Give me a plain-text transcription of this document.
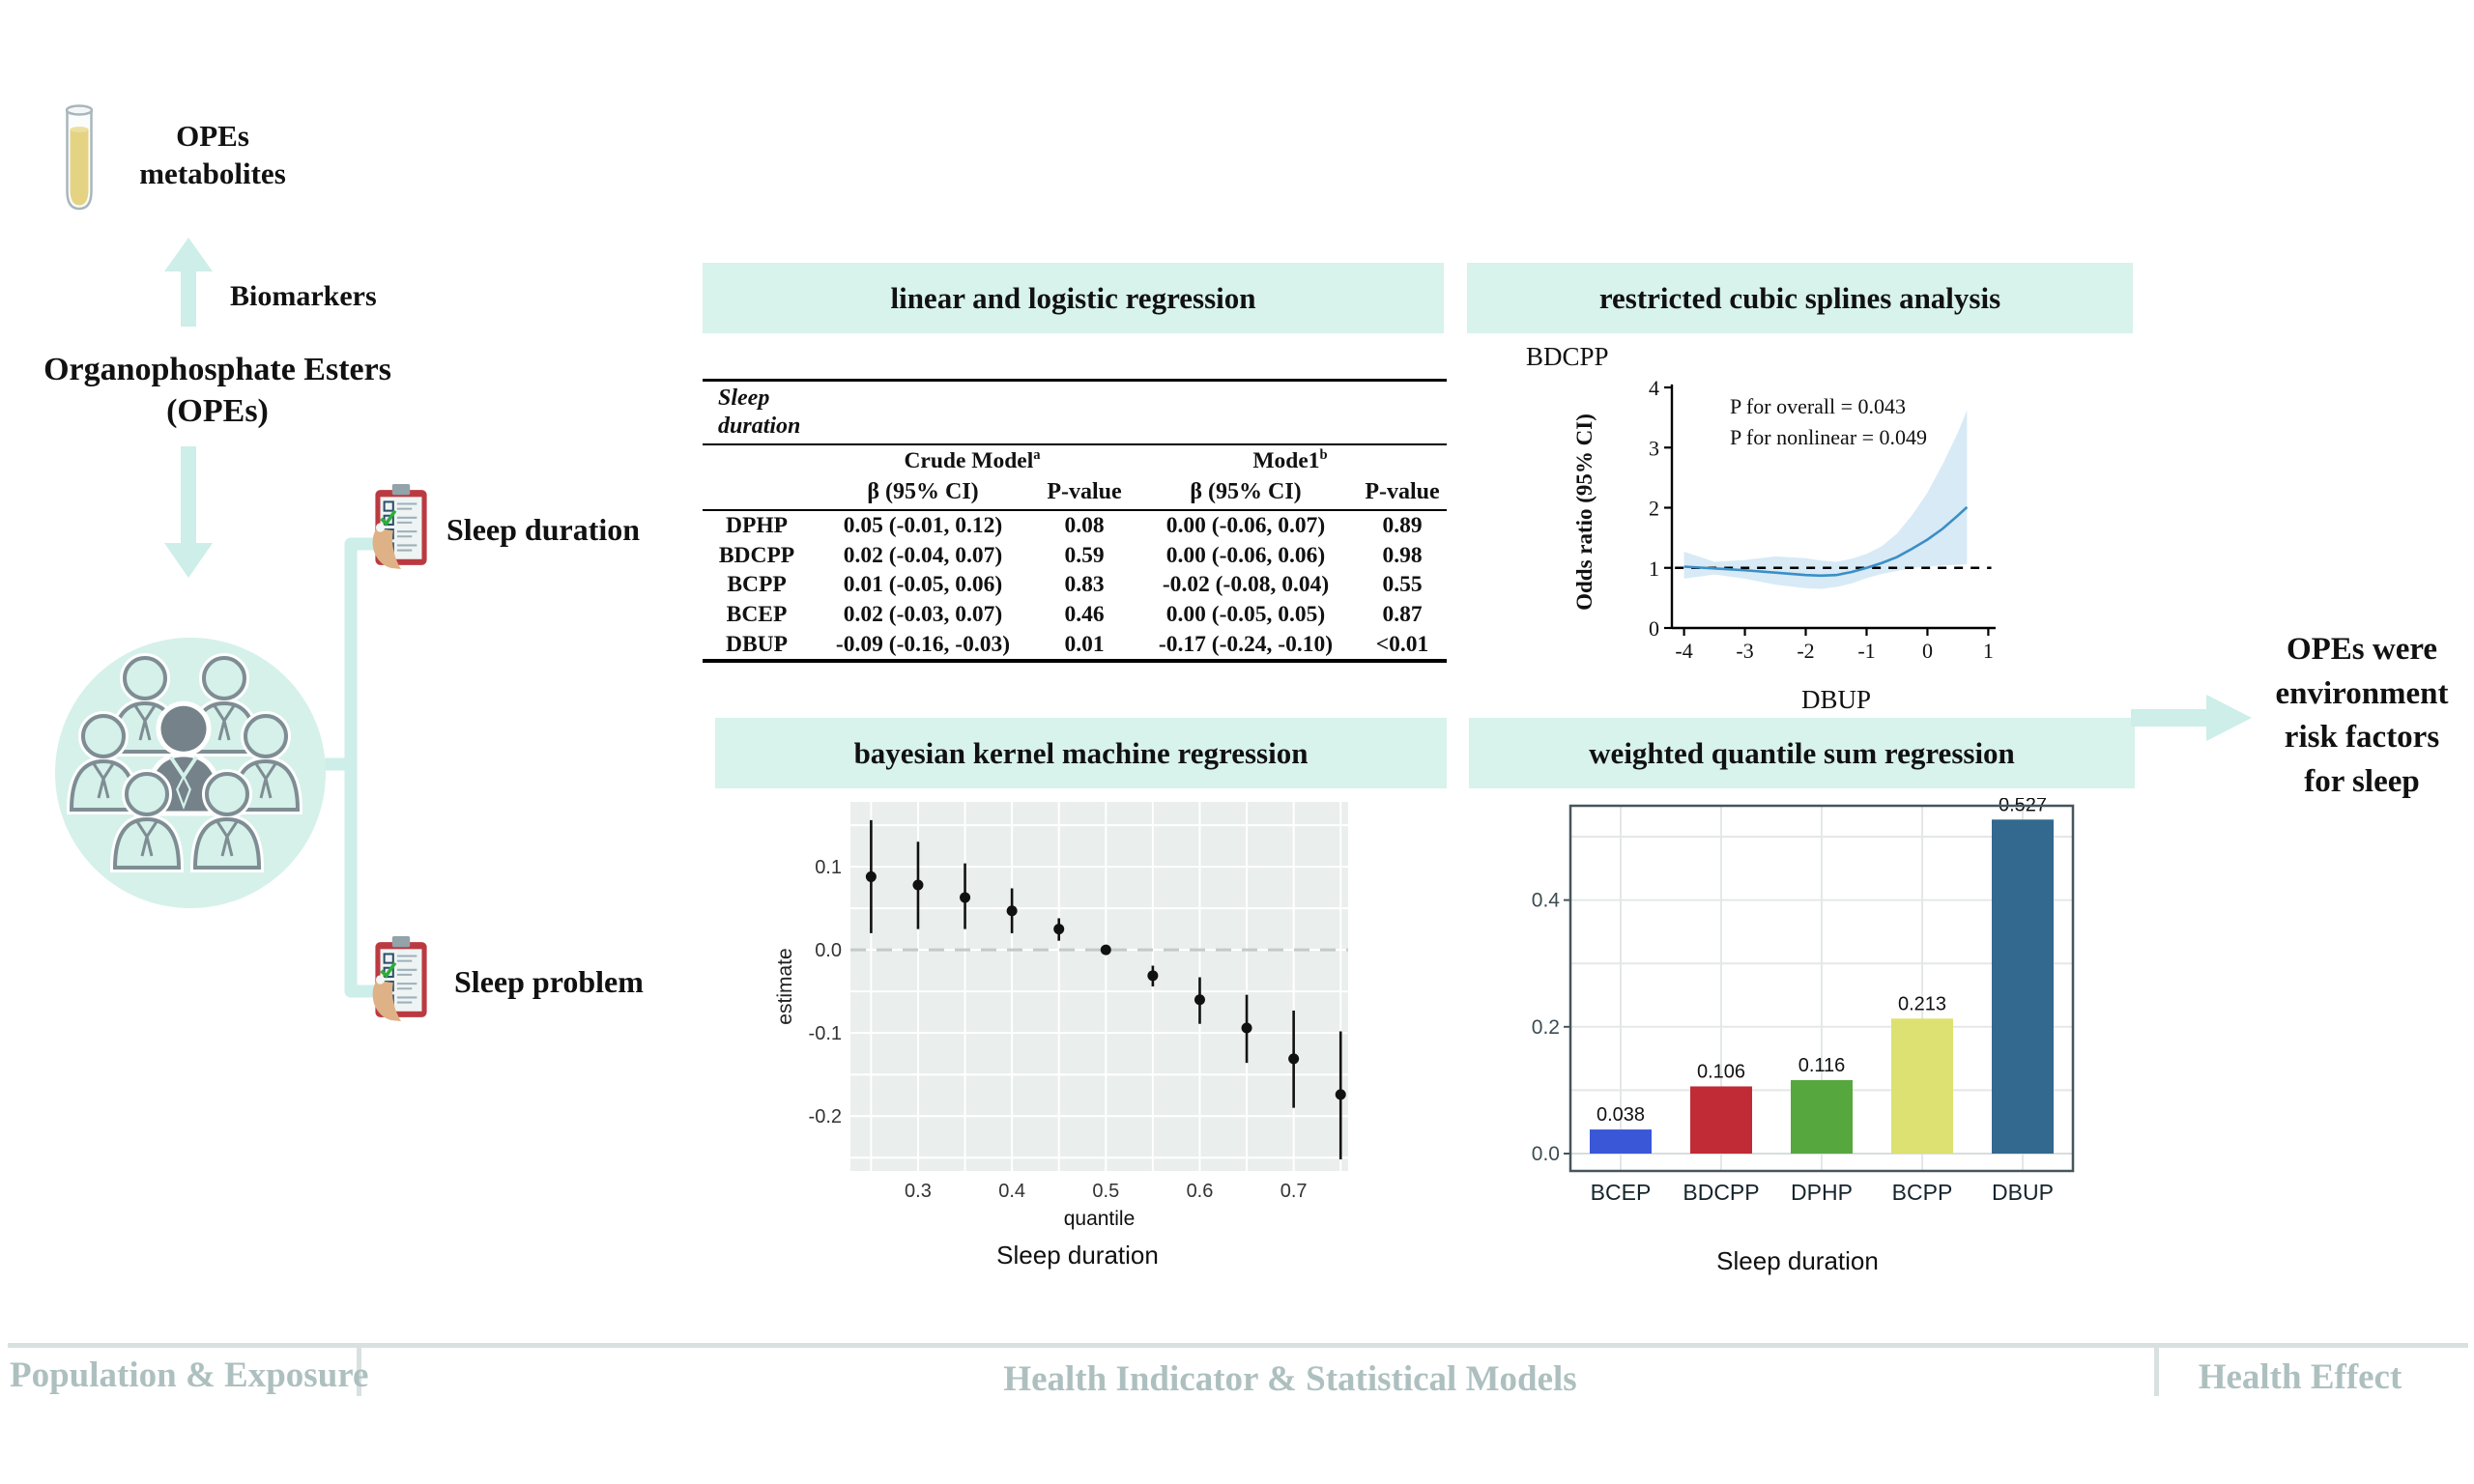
OPEs
metabolites
Biomarkers
Organophosphate Esters
(OPEs)
Sleep duration
Sleep problem
linear and logistic regression	restricted cubic splines analysis
bayesian kernel machine regression	weighted quantile sum regression
Sleep duration				
	Crude Model$^a$		Mode1$^b$
	β (95% CI)	P-value	β (95% CI)	P-value
DPHP	0.05 (-0.01, 0.12)	0.08	0.00 (-0.06, 0.07)	0.89
BDCPP	0.02 (-0.04, 0.07)	0.59	0.00 (-0.06, 0.06)	0.98
BCPP	0.01 (-0.05, 0.06)	0.83	-0.02 (-0.08, 0.04)	0.55
BCEP	0.02 (-0.03, 0.07)	0.46	0.00 (-0.05, 0.05)	0.87
DBUP	-0.09 (-0.16, -0.03)	0.01	-0.17 (-0.24, -0.10)	<0.01
BDCPP
-4 -3 -2 -1 0 1
0
1
2
3
4
Odds ratio (95% CI)
DBUP
P for overall = 0.043
P for nonlinear = 0.049
0.1
0.0
-0.1
-0.2
0.3	0.4	0.5	0.6	0.7
estimate
quantile
Sleep duration
0.038
0.106	0.116
0.213
0.527
0.0
0.2
0.4
BCEP BDCPP DPHP BCPP DBUP
Sleep duration
OPEs were
environment
risk factors
for sleep
Population & Exposure	Health Indicator & Statistical Models	Health Effect
